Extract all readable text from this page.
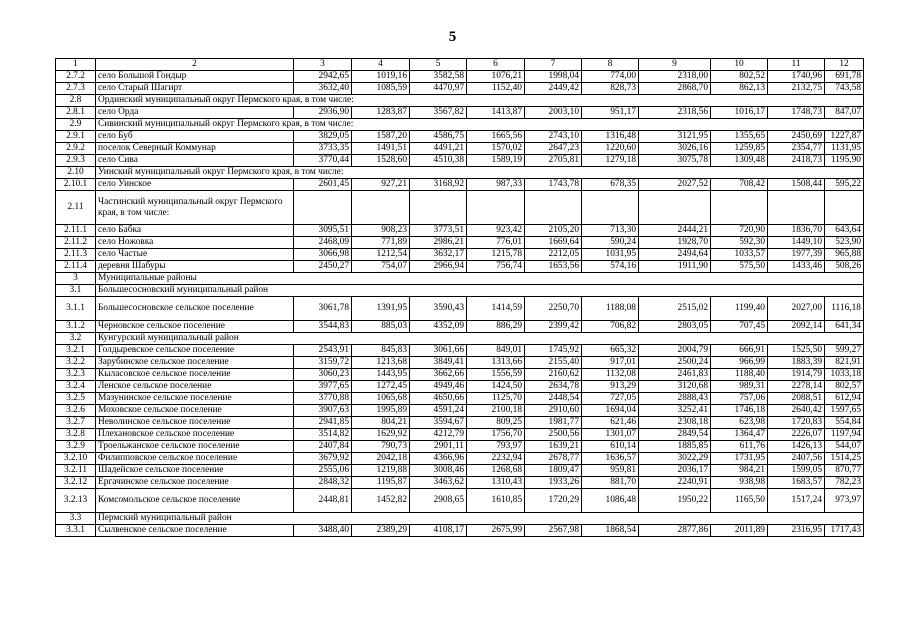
5
1	2	3	4	5	6	7	8	9	10	11	12
2.7.2	село Большой Гондыр	2942,65	1019,16	3582,58	1076,21	1998,04	774,00	2318,00	802,52	1740,96	691,78
2.7.3	село Старый Шагирт	3632,40	1085,59	4470,97	1152,40	2449,42	828,73	2868,70	862,13	2132,75	743,58
2.8	Ординский муниципальный округ Пермского края, в том числе:										
2.8.1	село Орда	2936,90	1283,87	3567,82	1413,87	2003,10	951,17	2318,56	1016,17	1748,73	847,07
2.9	Сивинский муниципальный округ Пермского края, в том числе:										
2.9.1	село Буб	3829,05	1587,20	4586,75	1665,56	2743,10	1316,48	3121,95	1355,65	2450,69	1227,87
2.9.2	поселок Северный Коммунар	3733,35	1491,51	4491,21	1570,02	2647,23	1220,60	3026,16	1259,85	2354,77	1131,95
2.9.3	село Сива	3770,44	1528,60	4510,38	1589,19	2705,81	1279,18	3075,78	1309,48	2418,73	1195,90
2.10	Уинский муниципальный округ Пермского края, в том числе:										
2.10.1	село Уинское	2601,45	927,21	3168,92	987,33	1743,78	678,35	2027,52	708,42	1508,44	595,22
2.11	Частинский муниципальный округ Пермского края, в том числе:										
2.11.1	село Бабка	3095,51	908,23	3773,51	923,42	2105,20	713,30	2444,21	720,90	1836,70	643,64
2.11.2	село Ножовка	2468,09	771,89	2986,21	776,01	1669,64	590,24	1928,70	592,30	1449,10	523,90
2.11.3	село Частые	3066,98	1212,54	3632,17	1215,78	2212,05	1031,95	2494,64	1033,57	1977,39	965,88
2.11.4	деревня Шабуры	2450,27	754,07	2966,94	756,74	1653,56	574,16	1911,90	575,50	1433,46	508,26
3	Муниципальные районы										
3.1	Большесосновский муниципальный район										
3.1.1	Большесосновское сельское поселение	3061,78	1391,95	3590,43	1414,59	2250,70	1188,08	2515,02	1199,40	2027,00	1116,18
3.1.2	Черновское сельское поселение	3544,83	885,03	4352,09	886,29	2399,42	706,82	2803,05	707,45	2092,14	641,34
3.2	Кунгурский муниципальный район										
3.2.1	Голдыревское сельское поселение	2543,91	845,83	3061,66	849,01	1745,92	665,32	2004,79	666,91	1525,50	599,27
3.2.2	Зарубинское сельское поселение	3159,72	1213,68	3849,41	1313,66	2155,40	917,01	2500,24	966,99	1883,39	821,91
3.2.3	Кыласовское сельское поселение	3060,23	1443,95	3662,66	1556,59	2160,62	1132,08	2461,83	1188,40	1914,79	1033,18
3.2.4	Ленское сельское поселение	3977,65	1272,45	4949,46	1424,50	2634,78	913,29	3120,68	989,31	2278,14	802,57
3.2.5	Мазунинское сельское поселение	3770,88	1065,68	4650,66	1125,70	2448,54	727,05	2888,43	757,06	2088,51	612,94
3.2.6	Моховское сельское поселение	3907,63	1995,89	4591,24	2100,18	2910,60	1694,04	3252,41	1746,18	2640,42	1597,65
3.2.7	Неволинское сельское поселение	2941,85	804,21	3594,67	809,25	1981,77	621,46	2308,18	623,98	1720,83	554,84
3.2.8	Плехановское сельское поселение	3514,82	1629,92	4212,79	1756,70	2500,56	1301,07	2849,54	1364,47	2226,07	1197,94
3.2.9	Троельжанское сельское поселение	2407,84	790,73	2901,11	793,97	1639,21	610,14	1885,85	611,76	1426,13	544,07
3.2.10	Филипповское сельское поселение	3679,92	2042,18	4366,96	2232,94	2678,77	1636,57	3022,29	1731,95	2407,56	1514,25
3.2.11	Шадейское сельское поселение	2555,06	1219,88	3008,46	1268,68	1809,47	959,81	2036,17	984,21	1599,05	870,77
3.2.12	Ергачинское сельское поселение	2848,32	1195,87	3463,62	1310,43	1933,26	881,70	2240,91	938,98	1683,57	782,23
3.2.13	Комсомольское сельское поселение	2448,81	1452,82	2908,65	1610,85	1720,29	1086,48	1950,22	1165,50	1517,24	973,97
3.3	Пермский муниципальный район										
3.3.1	Сылвенское сельское поселение	3488,40	2389,29	4108,17	2675,99	2567,98	1868,54	2877,86	2011,89	2316,95	1717,43
